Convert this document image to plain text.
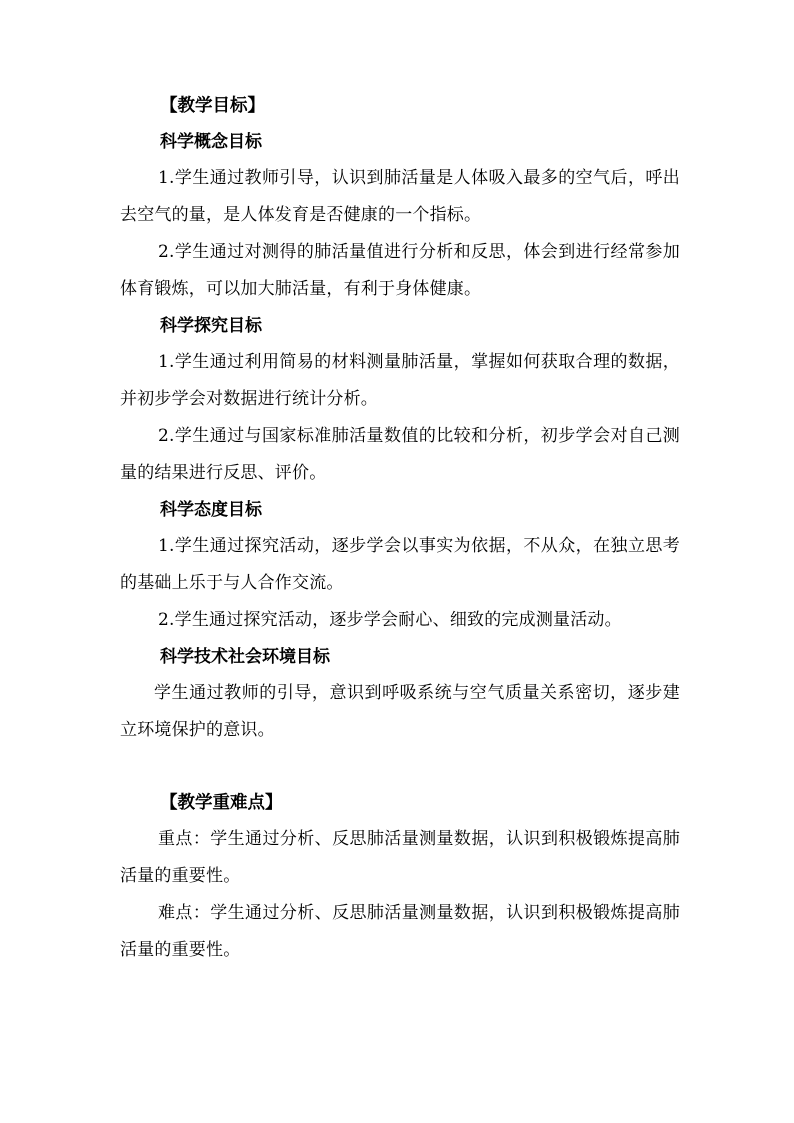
【教学目标】
科学概念目标
1.学生通过教师引导，认识到肺活量是人体吸入最多的空气后，呼出去空气的量，是人体发育是否健康的一个指标。
2.学生通过对测得的肺活量值进行分析和反思，体会到进行经常参加体育锻炼，可以加大肺活量，有利于身体健康。
科学探究目标
1.学生通过利用简易的材料测量肺活量，掌握如何获取合理的数据，并初步学会对数据进行统计分析。
2.学生通过与国家标准肺活量数值的比较和分析，初步学会对自己测量的结果进行反思、评价。
科学态度目标
1.学生通过探究活动，逐步学会以事实为依据，不从众，在独立思考的基础上乐于与人合作交流。
2.学生通过探究活动，逐步学会耐心、细致的完成测量活动。
科学技术社会环境目标
学生通过教师的引导，意识到呼吸系统与空气质量关系密切，逐步建立环境保护的意识。
【教学重难点】
重点：学生通过分析、反思肺活量测量数据，认识到积极锻炼提高肺活量的重要性。
难点：学生通过分析、反思肺活量测量数据，认识到积极锻炼提高肺活量的重要性。
